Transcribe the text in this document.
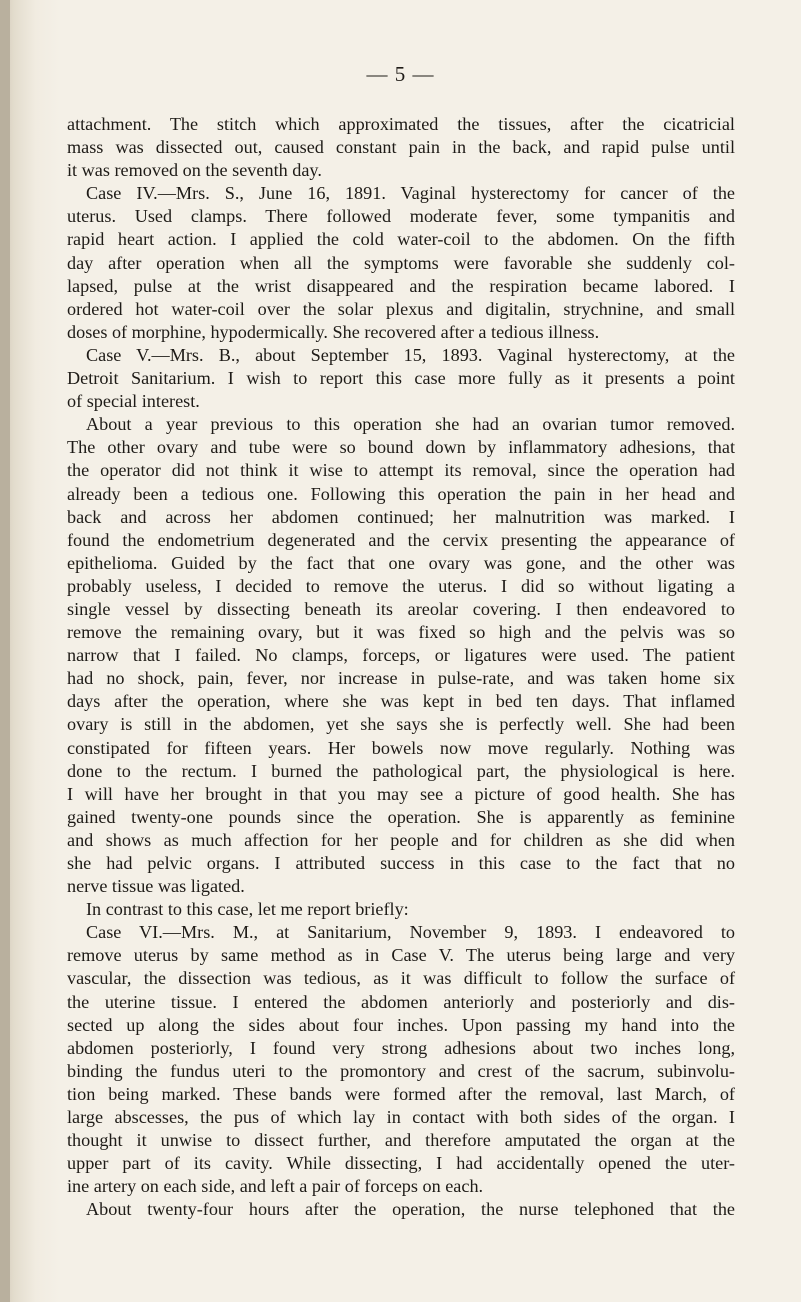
— 5 —
attachment. The stitch which approximated the tissues, after the cicatricial
mass was dissected out, caused constant pain in the back, and rapid pulse until
it was removed on the seventh day.
Case IV.—Mrs. S., June 16, 1891. Vaginal hysterectomy for cancer of the
uterus. Used clamps. There followed moderate fever, some tympanitis and
rapid heart action. I applied the cold water-coil to the abdomen. On the fifth
day after operation when all the symptoms were favorable she suddenly col-
lapsed, pulse at the wrist disappeared and the respiration became labored. I
ordered hot water-coil over the solar plexus and digitalin, strychnine, and small
doses of morphine, hypodermically. She recovered after a tedious illness.
Case V.—Mrs. B., about September 15, 1893. Vaginal hysterectomy, at the
Detroit Sanitarium. I wish to report this case more fully as it presents a point
of special interest.
About a year previous to this operation she had an ovarian tumor removed.
The other ovary and tube were so bound down by inflammatory adhesions, that
the operator did not think it wise to attempt its removal, since the operation had
already been a tedious one. Following this operation the pain in her head and
back and across her abdomen continued; her malnutrition was marked. I
found the endometrium degenerated and the cervix presenting the appearance of
epithelioma. Guided by the fact that one ovary was gone, and the other was
probably useless, I decided to remove the uterus. I did so without ligating a
single vessel by dissecting beneath its areolar covering. I then endeavored to
remove the remaining ovary, but it was fixed so high and the pelvis was so
narrow that I failed. No clamps, forceps, or ligatures were used. The patient
had no shock, pain, fever, nor increase in pulse-rate, and was taken home six
days after the operation, where she was kept in bed ten days. That inflamed
ovary is still in the abdomen, yet she says she is perfectly well. She had been
constipated for fifteen years. Her bowels now move regularly. Nothing was
done to the rectum. I burned the pathological part, the physiological is here.
I will have her brought in that you may see a picture of good health. She has
gained twenty-one pounds since the operation. She is apparently as feminine
and shows as much affection for her people and for children as she did when
she had pelvic organs. I attributed success in this case to the fact that no
nerve tissue was ligated.
In contrast to this case, let me report briefly:
Case VI.—Mrs. M., at Sanitarium, November 9, 1893. I endeavored to
remove uterus by same method as in Case V. The uterus being large and very
vascular, the dissection was tedious, as it was difficult to follow the surface of
the uterine tissue. I entered the abdomen anteriorly and posteriorly and dis-
sected up along the sides about four inches. Upon passing my hand into the
abdomen posteriorly, I found very strong adhesions about two inches long,
binding the fundus uteri to the promontory and crest of the sacrum, subinvolu-
tion being marked. These bands were formed after the removal, last March, of
large abscesses, the pus of which lay in contact with both sides of the organ. I
thought it unwise to dissect further, and therefore amputated the organ at the
upper part of its cavity. While dissecting, I had accidentally opened the uter-
ine artery on each side, and left a pair of forceps on each.
About twenty-four hours after the operation, the nurse telephoned that the
